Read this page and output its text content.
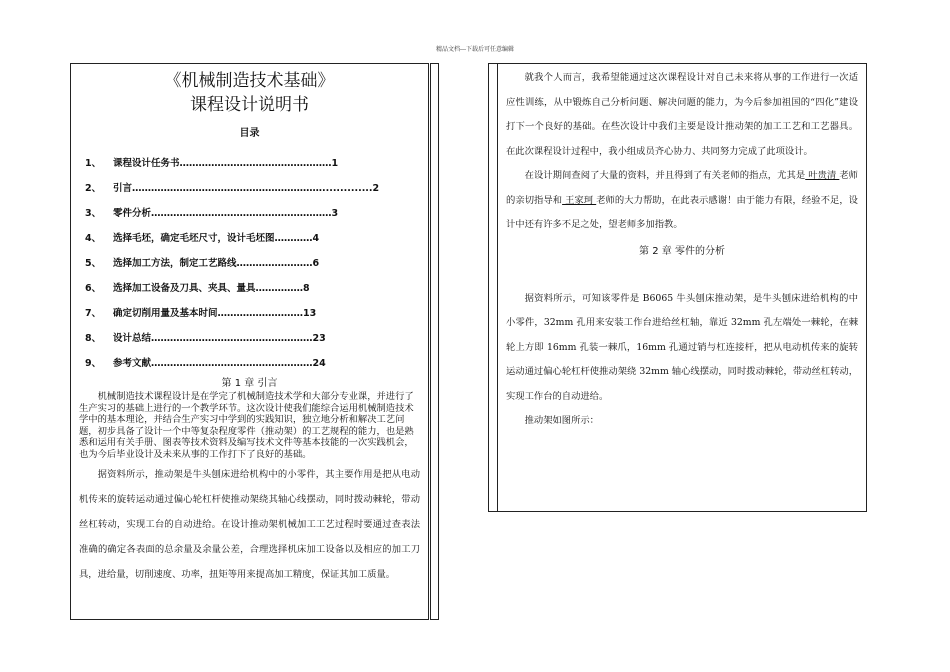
精品文档---下载后可任意编辑
《机械制造技术基础》
课程设计说明书
目录
1、	课程设计任务书…………………………………………1
2、	引言……………………………………………………..............2
3、	零件分析…………………………………………………3
4、	选择毛坯，确定毛坯尺寸，设计毛坯图…………4
5、	选择加工方法，制定工艺路线……………………6
6、	选择加工设备及刀具、夹具、量具……………8
7、	确定切削用量及基本时间………………………13
8、	设计总结……………………………………………23
9、	参考文献……………………………………………24
第 1 章 引言

机械制造技术课程设计是在学完了机械制造技术学和大部分专业课，并进行了生产实习的基础上进行的一个教学环节。这次设计使我们能综合运用机械制造技术学中的基本理论，并结合生产实习中学到的实践知识，独立地分析和解决工艺问题，初步具备了设计一个中等复杂程度零件（推动架）的工艺规程的能力，也是熟悉和运用有关手册、图表等技术资料及编写技术文件等基本技能的一次实践机会，也为今后毕业设计及未来从事的工作打下了良好的基础。

据资料所示，推动架是牛头刨床进给机构中的小零件，其主要作用是把从电动机传来的旋转运动通过偏心轮杠杆使推动架绕其轴心线摆动，同时拨动棘轮，带动丝杠转动，实现工台的自动进给。在设计推动架机械加工工艺过程时要通过查表法准确的确定各表面的总余量及余量公差，合理选择机床加工设备以及相应的加工刀具，进给量，切削速度、功率，扭矩等用来提高加工精度，保证其加工质量。

就我个人而言，我希望能通过这次课程设计对自己未来将从事的工作进行一次适应性训练，从中锻炼自己分析问题、解决问题的能力，为今后参加祖国的“四化”建设打下一个良好的基础。在些次设计中我们主要是设计推动架的加工工艺和工艺器具。在此次课程设计过程中，我小组成员齐心协力、共同努力完成了此项设计。

在设计期间查阅了大量的资料，并且得到了有关老师的指点，尤其是 叶贵清 老师的亲切指导和 王家珂 老师的大力帮助，在此表示感谢！由于能力有限，经验不足，设计中还有许多不足之处，望老师多加指教。

第 2 章 零件的分析

据资料所示，可知该零件是 B6065 牛头刨床推动架，是牛头刨床进给机构的中小零件，32mm 孔用来安装工作台进给丝杠轴，靠近 32mm 孔左端处一棘轮，在棘轮上方即 16mm 孔装一棘爪，16mm 孔通过销与杠连接杆，把从电动机传来的旋转运动通过偏心轮杠杆使推动架绕 32mm 轴心线摆动，同时拨动棘轮，带动丝杠转动，实现工作台的自动进给。

推动架如图所示：
